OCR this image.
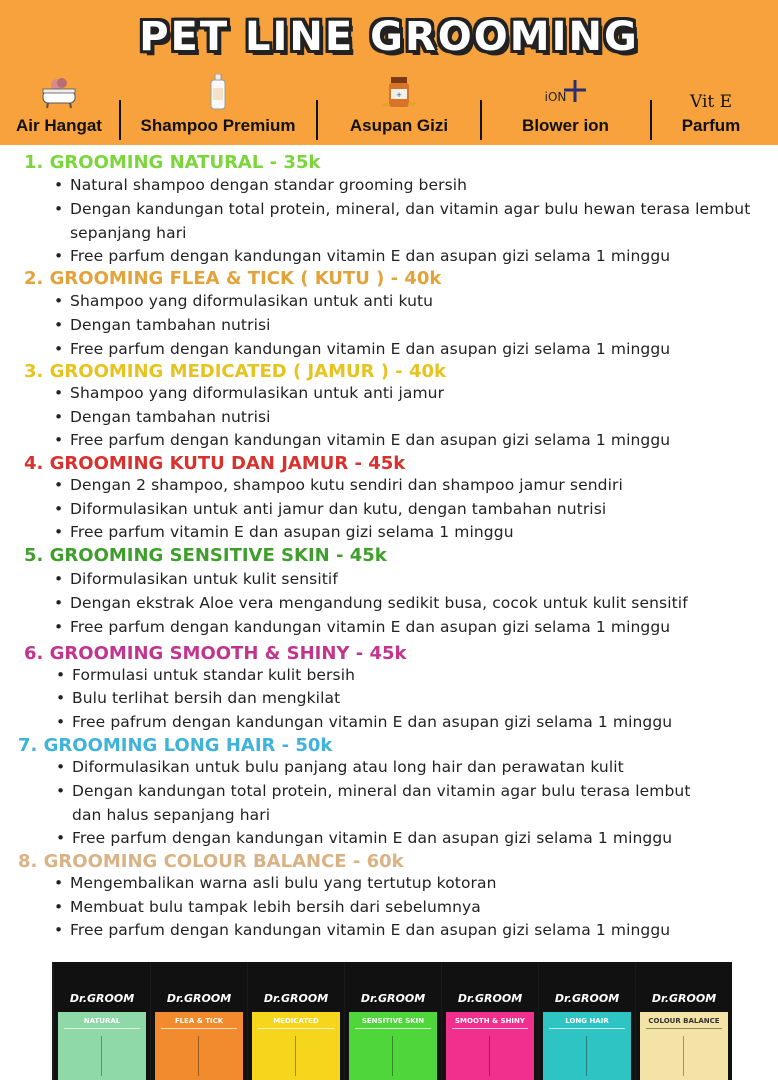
PET LINE GROOMING
Air Hangat	Shampoo Premium
+
Asupan Gizi
iON
Blower ion
Vit E
Parfum
1. GROOMING NATURAL - 35k
• Natural shampoo dengan standar grooming bersih
• Dengan kandungan total protein, mineral, dan vitamin agar bulu hewan terasa lembut
sepanjang hari
• Free parfum dengan kandungan vitamin E dan asupan gizi selama 1 minggu
2. GROOMING FLEA & TICK ( KUTU ) - 40k
• Shampoo yang diformulasikan untuk anti kutu
• Dengan tambahan nutrisi
• Free parfum dengan kandungan vitamin E dan asupan gizi selama 1 minggu
3. GROOMING MEDICATED ( JAMUR ) - 40k
• Shampoo yang diformulasikan untuk anti jamur
• Dengan tambahan nutrisi
• Free parfum dengan kandungan vitamin E dan asupan gizi selama 1 minggu
4. GROOMING KUTU DAN JAMUR - 45k
• Dengan 2 shampoo, shampoo kutu sendiri dan shampoo jamur sendiri
• Diformulasikan untuk anti jamur dan kutu, dengan tambahan nutrisi
• Free parfum vitamin E dan asupan gizi selama 1 minggu
5. GROOMING SENSITIVE SKIN - 45k
• Diformulasikan untuk kulit sensitif
• Dengan ekstrak Aloe vera mengandung sedikit busa, cocok untuk kulit sensitif
• Free parfum dengan kandungan vitamin E dan asupan gizi selama 1 minggu
6. GROOMING SMOOTH & SHINY - 45k
• Formulasi untuk standar kulit bersih
• Bulu terlihat bersih dan mengkilat
• Free pafrum dengan kandungan vitamin E dan asupan gizi selama 1 minggu
7. GROOMING LONG HAIR - 50k
• Diformulasikan untuk bulu panjang atau long hair dan perawatan kulit
• Dengan kandungan total protein, mineral dan vitamin agar bulu terasa lembut
dan halus sepanjang hari
• Free parfum dengan kandungan vitamin E dan asupan gizi selama 1 minggu
8. GROOMING COLOUR BALANCE - 60k
• Mengembalikan warna asli bulu yang tertutup kotoran
• Membuat bulu tampak lebih bersih dari sebelumnya
• Free parfum dengan kandungan vitamin E dan asupan gizi selama 1 minggu
Dr.GROOM
NATURAL
Dr.GROOM
FLEA & TICK
Dr.GROOM
MEDICATED
Dr.GROOM
SENSITIVE SKIN
Dr.GROOM
SMOOTH & SHINY
Dr.GROOM
LONG HAIR
Dr.GROOM
COLOUR BALANCE
